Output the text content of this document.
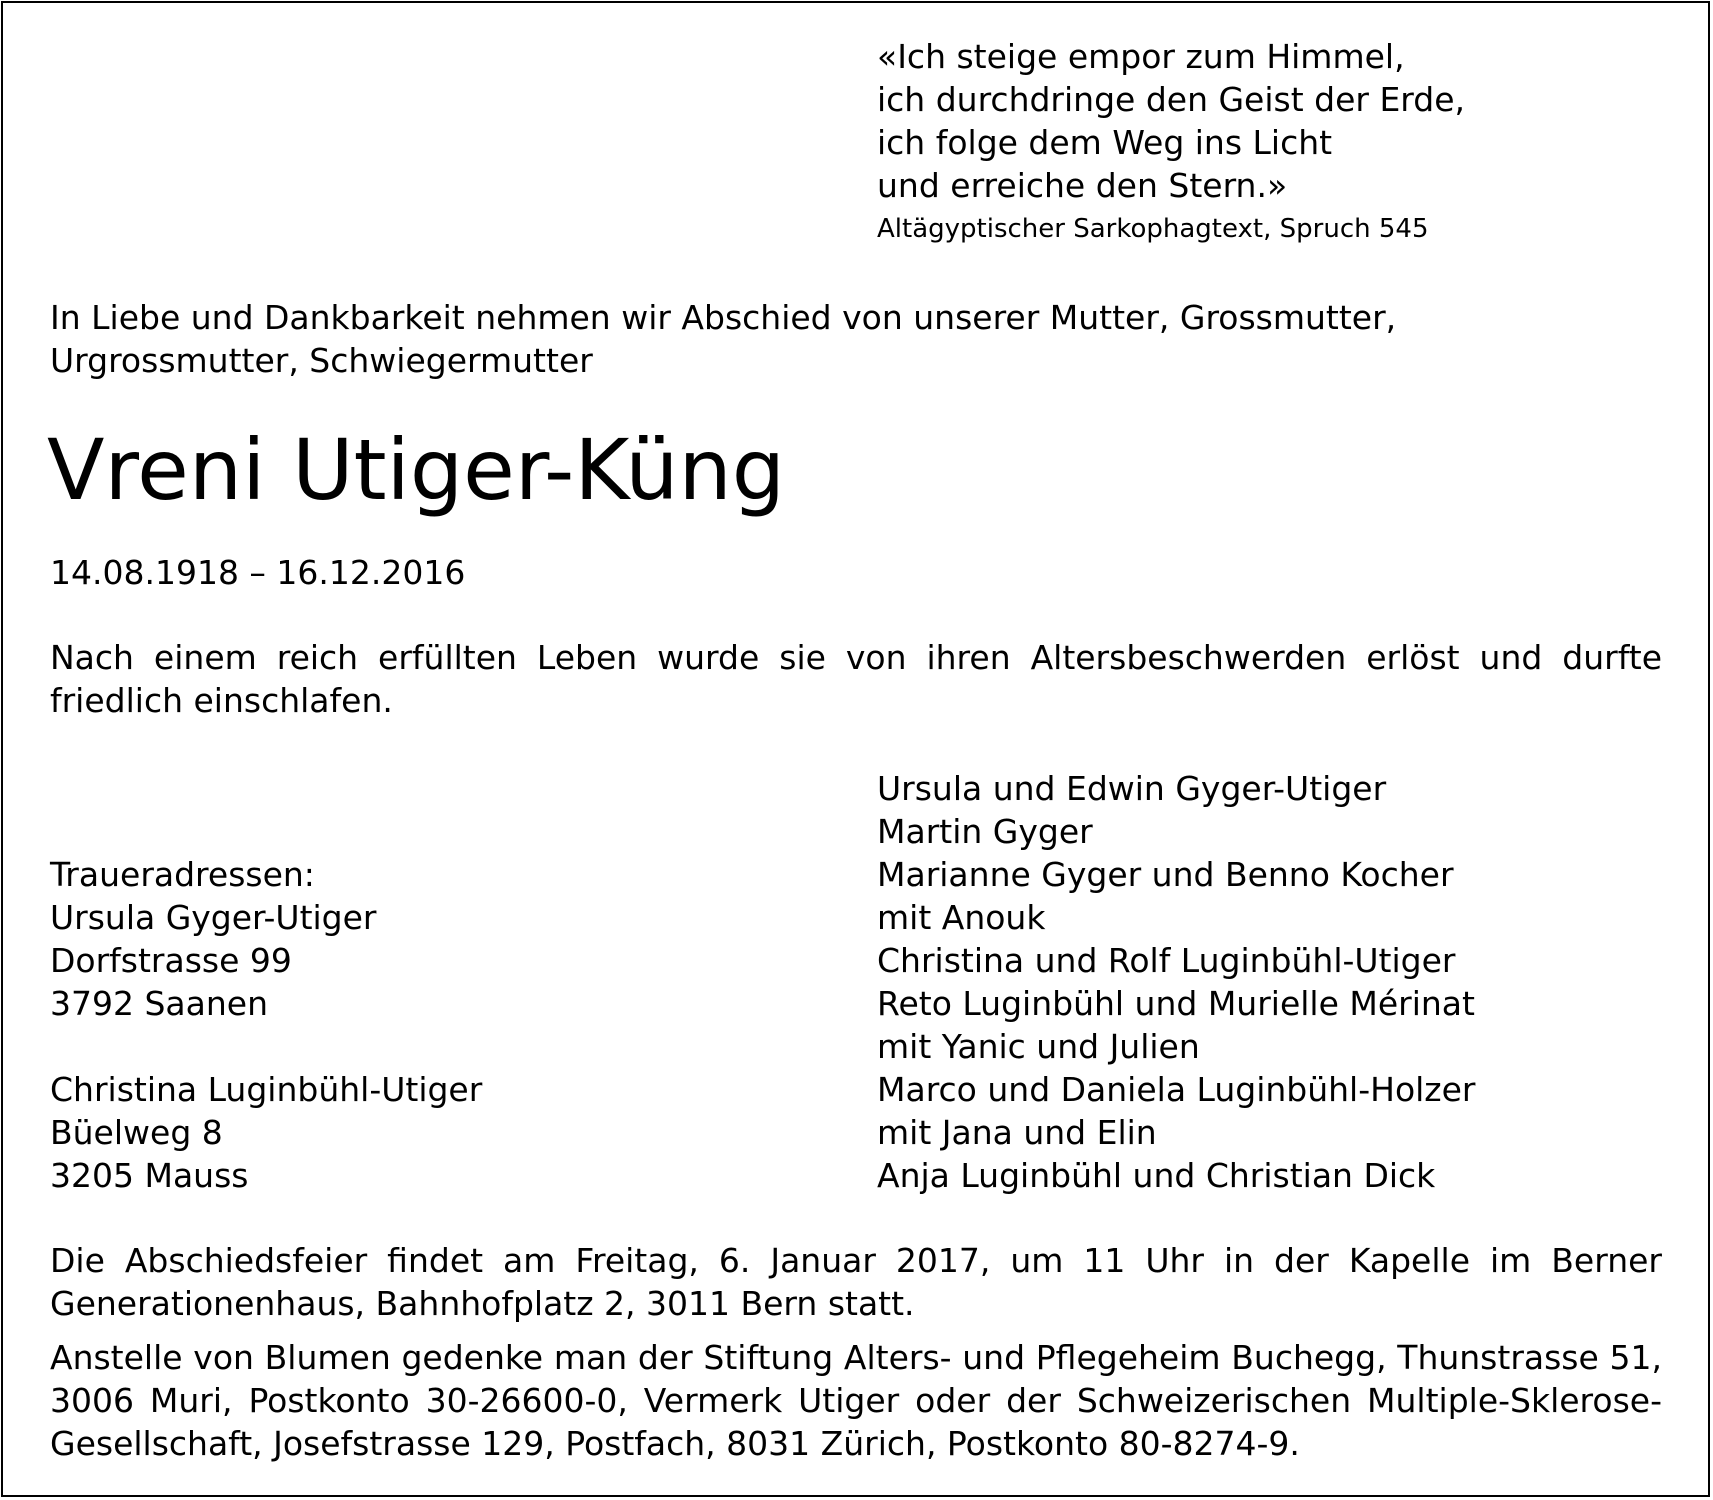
«Ich steige empor zum Himmel,
ich durchdringe den Geist der Erde,
ich folge dem Weg ins Licht
und erreiche den Stern.»
Altägyptischer Sarkophagtext, Spruch 545
In Liebe und Dankbarkeit nehmen wir Abschied von unserer Mutter, Grossmutter,
Urgrossmutter, Schwiegermutter
Vreni Utiger-Küng
14.08.1918 – 16.12.2016
Nach einem reich erfüllten Leben wurde sie von ihren Altersbeschwerden erlöst und durfte friedlich einschlafen.
Traueradressen:
Ursula Gyger-Utiger
Dorfstrasse 99
3792 Saanen
Christina Luginbühl-Utiger
Büelweg 8
3205 Mauss
Ursula und Edwin Gyger-Utiger
Martin Gyger
Marianne Gyger und Benno Kocher
mit Anouk
Christina und Rolf Luginbühl-Utiger
Reto Luginbühl und Murielle Mérinat
mit Yanic und Julien
Marco und Daniela Luginbühl-Holzer
mit Jana und Elin
Anja Luginbühl und Christian Dick
Die Abschiedsfeier findet am Freitag, 6. Januar 2017, um 11 Uhr in der Kapelle im Berner Generationenhaus, Bahnhofplatz 2, 3011 Bern statt.
Anstelle von Blumen gedenke man der Stiftung Alters- und Pflegeheim Buchegg, Thunstrasse 51, 3006 Muri, Postkonto 30-26600-0, Vermerk Utiger oder der Schweizerischen Multiple-Sklerose-Gesellschaft, Josefstrasse 129, Postfach, 8031 Zürich, Postkonto 80-8274-9.
